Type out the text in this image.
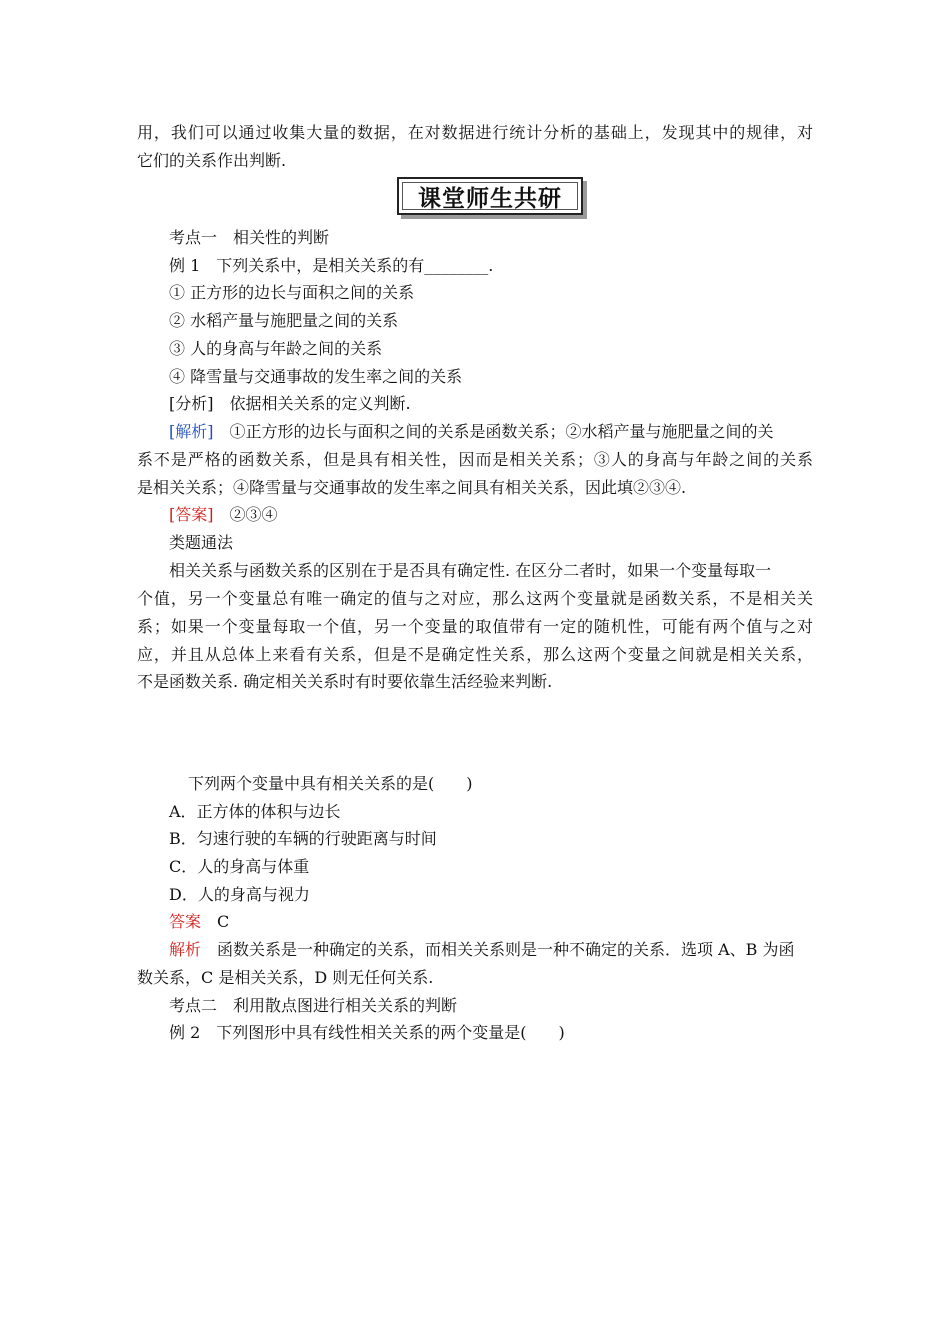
用，我们可以通过收集大量的数据，在对数据进行统计分析的基础上，发现其中的规律，对
它们的关系作出判断.
课堂师生共研
考点一　相关性的判断
例 1　下列关系中，是相关关系的有________.
① 正方形的边长与面积之间的关系
② 水稻产量与施肥量之间的关系
③ 人的身高与年龄之间的关系
④ 降雪量与交通事故的发生率之间的关系
[分析]　依据相关关系的定义判断.
[解析]　①正方形的边长与面积之间的关系是函数关系；②水稻产量与施肥量之间的关
系不是严格的函数关系，但是具有相关性，因而是相关关系；③人的身高与年龄之间的关系
是相关关系；④降雪量与交通事故的发生率之间具有相关关系，因此填②③④.
[答案]　②③④
类题通法
相关关系与函数关系的区别在于是否具有确定性. 在区分二者时，如果一个变量每取一
个值，另一个变量总有唯一确定的值与之对应，那么这两个变量就是函数关系，不是相关关
系；如果一个变量每取一个值，另一个变量的取值带有一定的随机性，可能有两个值与之对
应，并且从总体上来看有关系，但是不是确定性关系，那么这两个变量之间就是相关关系，
不是函数关系. 确定相关关系时有时要依靠生活经验来判断.
下列两个变量中具有相关关系的是(　　)
A．正方体的体积与边长
B．匀速行驶的车辆的行驶距离与时间
C．人的身高与体重
D．人的身高与视力
答案　C
解析　函数关系是一种确定的关系，而相关关系则是一种不确定的关系．选项 A、B 为函
数关系，C 是相关关系，D 则无任何关系.
考点二　利用散点图进行相关关系的判断
例 2　下列图形中具有线性相关关系的两个变量是(　　)
